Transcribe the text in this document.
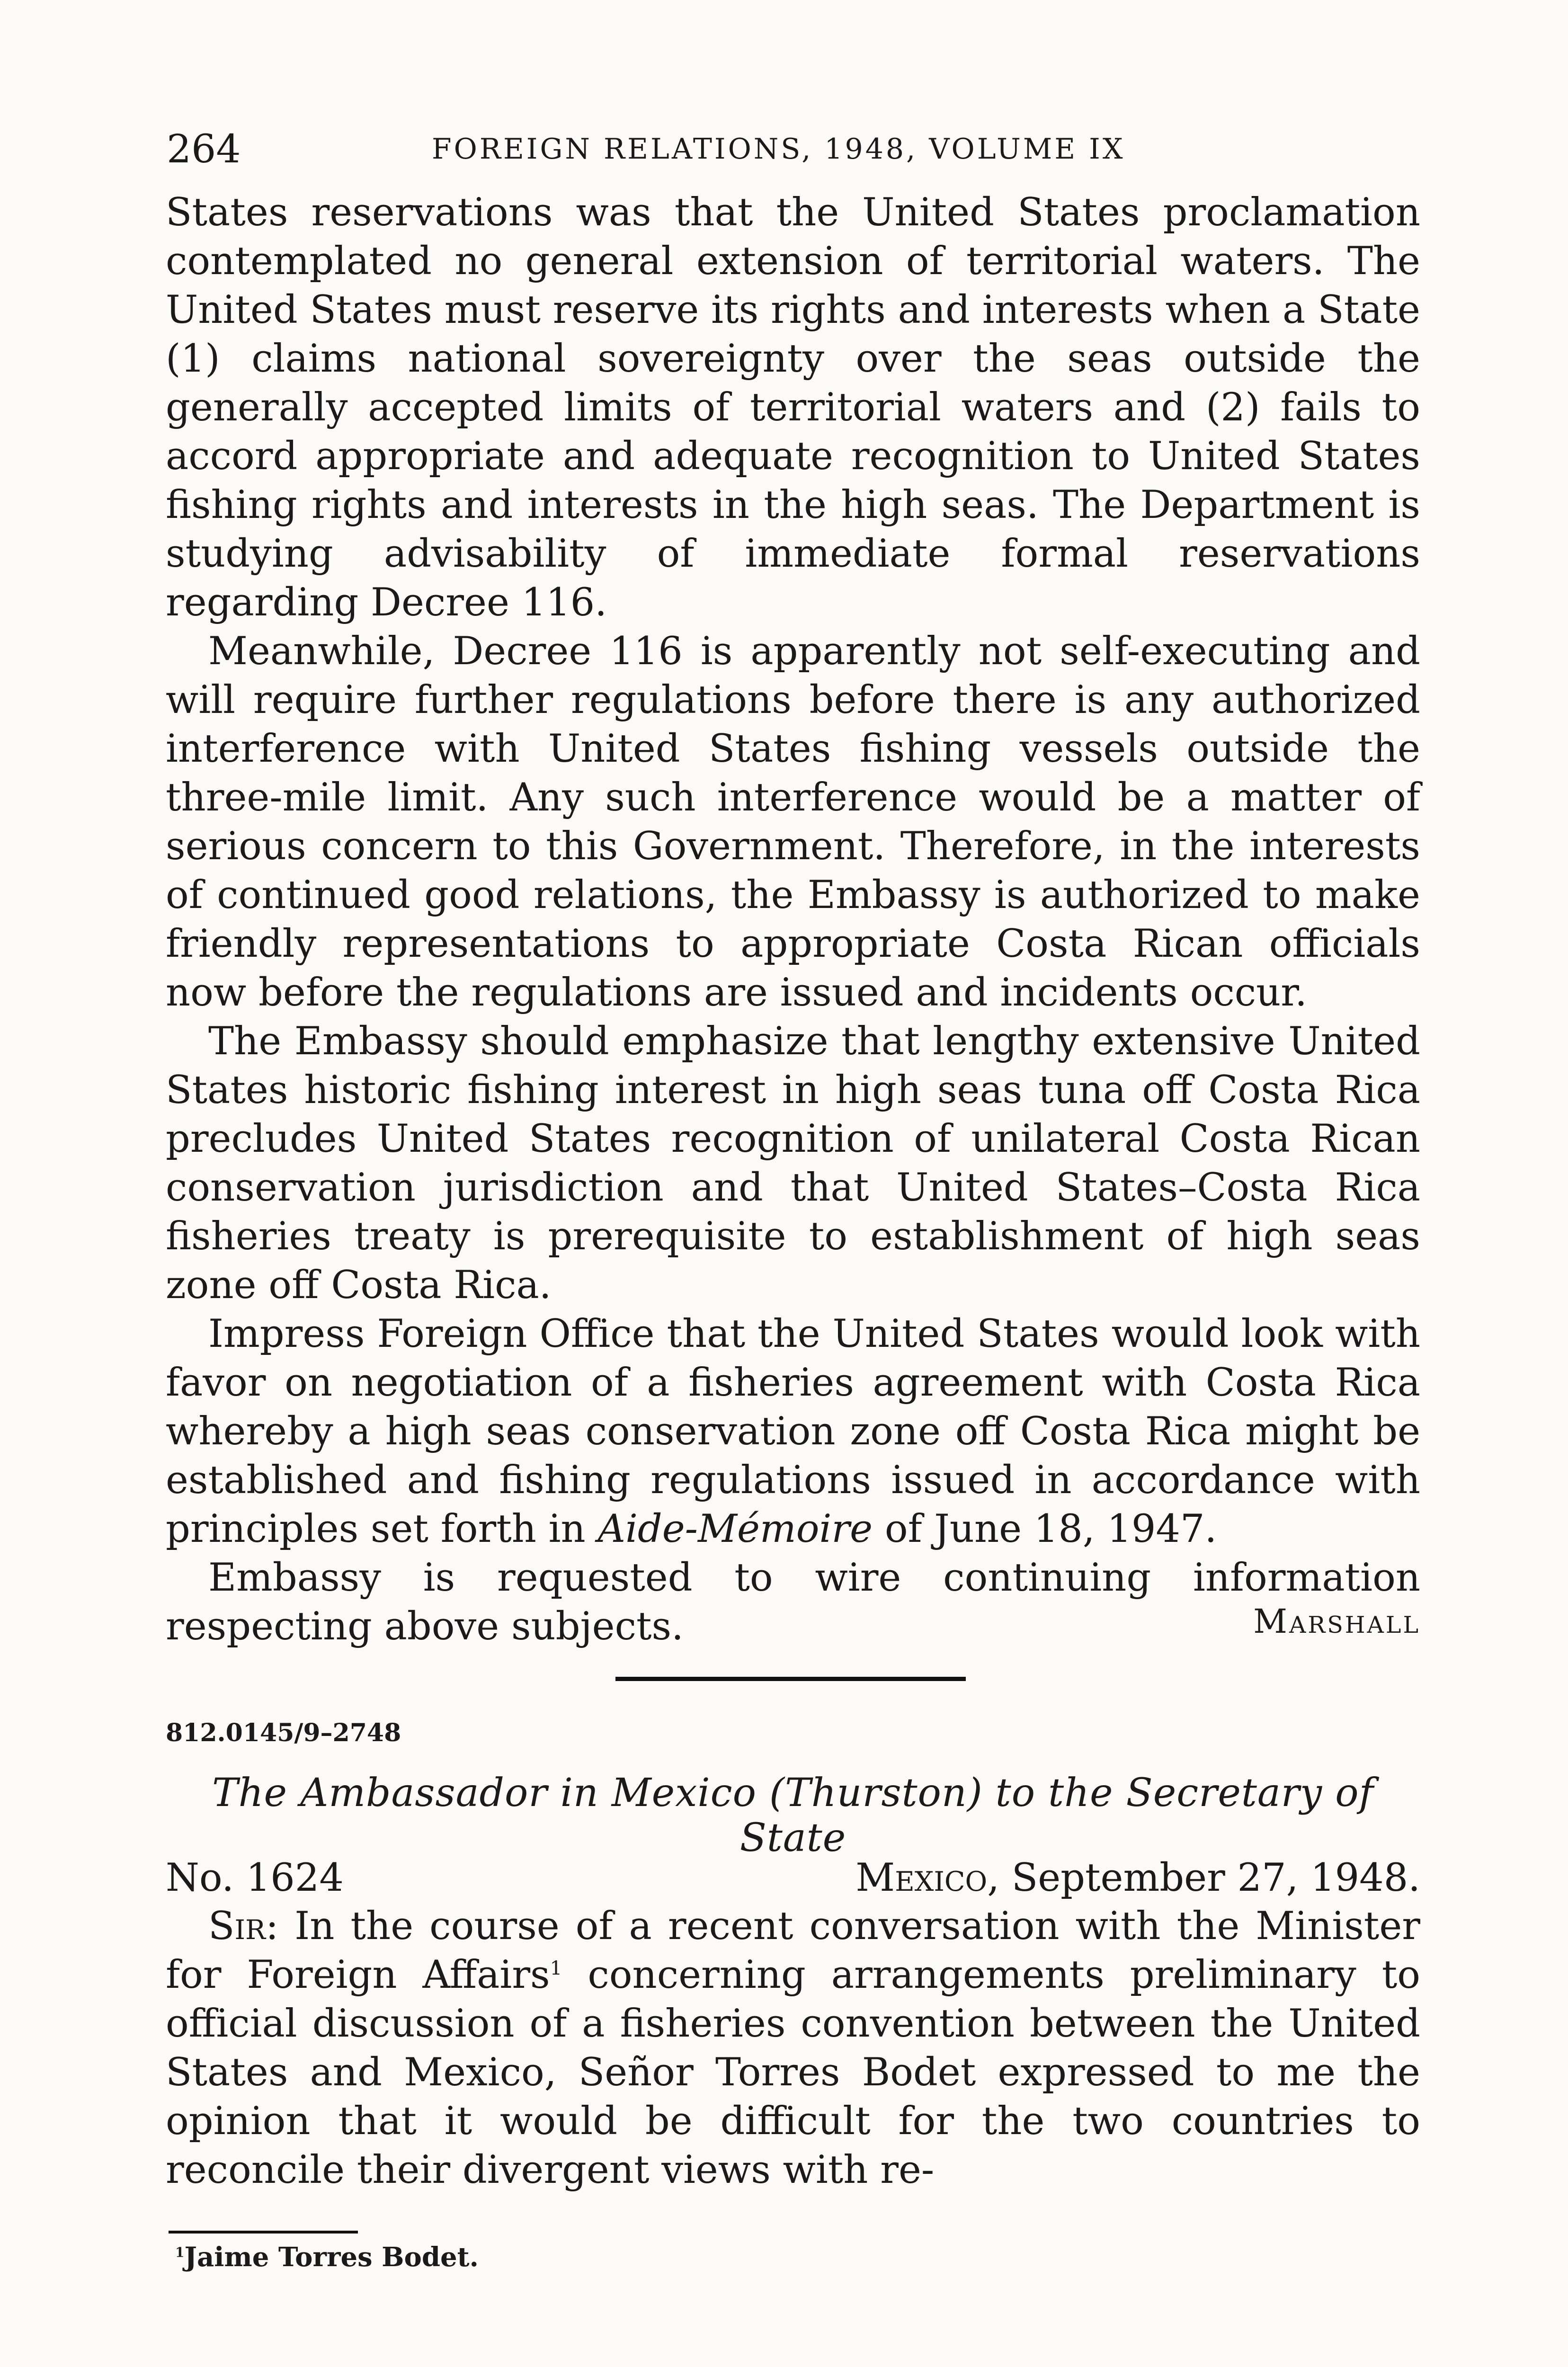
264	FOREIGN RELATIONS, 1948, VOLUME IX

States reservations was that the United States proclamation contemplated no general extension of territorial waters. The United States must reserve its rights and interests when a State (1) claims national sovereignty over the seas outside the generally accepted limits of territorial waters and (2) fails to accord appropriate and adequate recognition to United States fishing rights and interests in the high seas. The Department is studying advisability of immediate formal reservations regarding Decree 116.

Meanwhile, Decree 116 is apparently not self-executing and will require further regulations before there is any authorized interference with United States fishing vessels outside the three-mile limit. Any such interference would be a matter of serious concern to this Government. Therefore, in the interests of continued good relations, the Embassy is authorized to make friendly representations to appropriate Costa Rican officials now before the regulations are issued and incidents occur.

The Embassy should emphasize that lengthy extensive United States historic fishing interest in high seas tuna off Costa Rica precludes United States recognition of unilateral Costa Rican conservation jurisdiction and that United States–Costa Rica fisheries treaty is prerequisite to establishment of high seas zone off Costa Rica.

Impress Foreign Office that the United States would look with favor on negotiation of a fisheries agreement with Costa Rica whereby a high seas conservation zone off Costa Rica might be established and fishing regulations issued in accordance with principles set forth in Aide-Mémoire of June 18, 1947.

Embassy is requested to wire continuing information respecting above subjects.	Marshall
812.0145/9–2748
The Ambassador in Mexico (Thurston) to the Secretary of State
No. 1624	Mexico, September 27, 1948.

Sir: In the course of a recent conversation with the Minister for Foreign Affairs$^1$ concerning arrangements preliminary to official discussion of a fisheries convention between the United States and Mexico, Señor Torres Bodet expressed to me the opinion that it would be difficult for the two countries to reconcile their divergent views with re-

$^1$Jaime Torres Bodet.
